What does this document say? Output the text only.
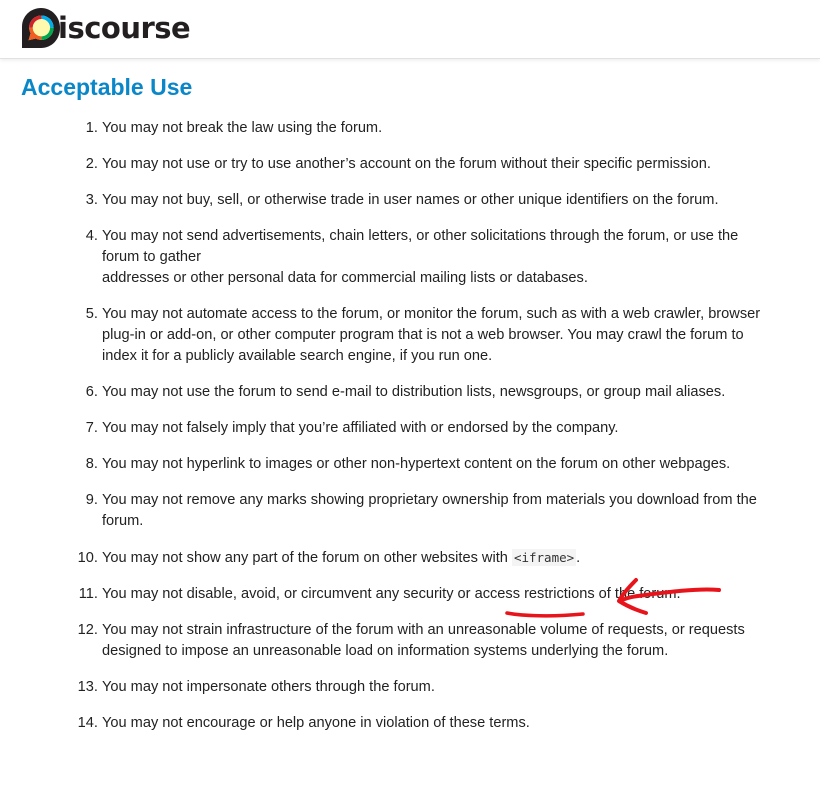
iscourse
Acceptable Use
1. You may not break the law using the forum.
2. You may not use or try to use another’s account on the forum without their specific permission.
3. You may not buy, sell, or otherwise trade in user names or other unique identifiers on the forum.
4. You may not send advertisements, chain letters, or other solicitations through the forum, or use the forum to gather
addresses or other personal data for commercial mailing lists or databases.
5. You may not automate access to the forum, or monitor the forum, such as with a web crawler, browser plug-in or add-on, or other computer program that is not a web browser. You may crawl the forum to index it for a publicly available search engine, if you run one.
6. You may not use the forum to send e-mail to distribution lists, newsgroups, or group mail aliases.
7. You may not falsely imply that you’re affiliated with or endorsed by the company.
8. You may not hyperlink to images or other non-hypertext content on the forum on other webpages.
9. You may not remove any marks showing proprietary ownership from materials you download from the forum.
10. You may not show any part of the forum on other websites with <iframe> .
11. You may not disable, avoid, or circumvent any security or access restrictions of the forum.
12. You may not strain infrastructure of the forum with an unreasonable volume of requests, or requests designed to impose an unreasonable load on information systems underlying the forum.
13. You may not impersonate others through the forum.
14. You may not encourage or help anyone in violation of these terms.
